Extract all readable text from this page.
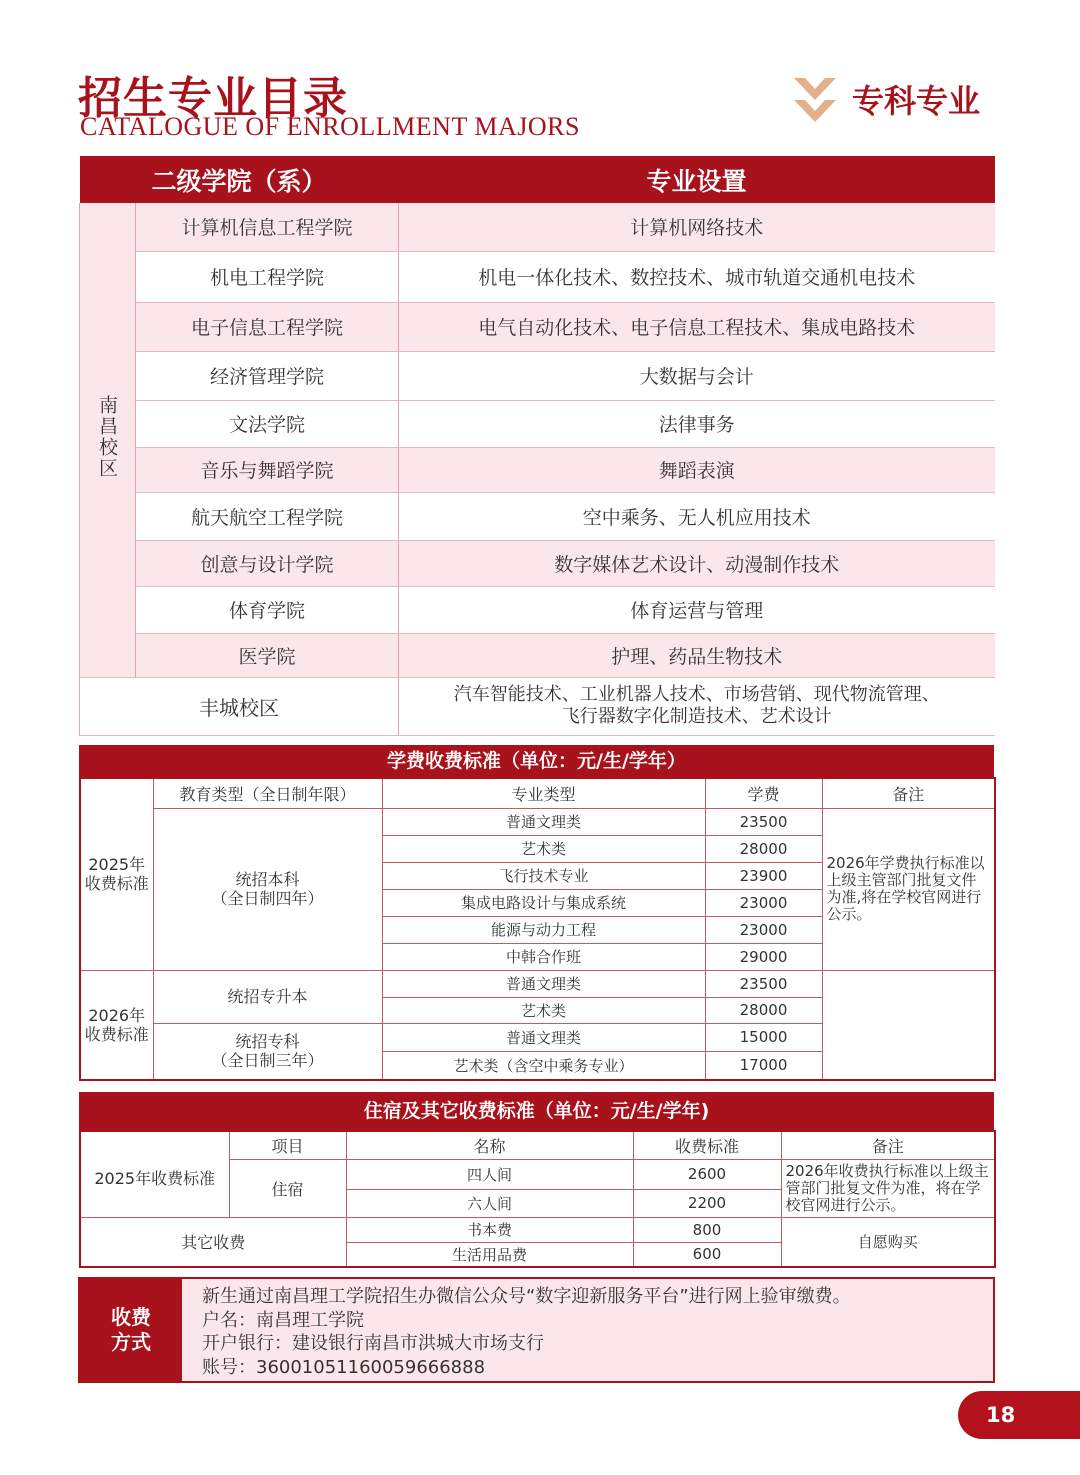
招生专业目录
CATALOGUE OF ENROLLMENT MAJORS
专科专业
二级学院（系）		专业设置
南昌校区	计算机信息工程学院	计算机网络技术
	机电工程学院	机电一体化技术、数控技术、城市轨道交通机电技术
	电子信息工程学院	电气自动化技术、电子信息工程技术、集成电路技术
	经济管理学院	大数据与会计
	文法学院	法律事务
	音乐与舞蹈学院	舞蹈表演
	航天航空工程学院	空中乘务、无人机应用技术
	创意与设计学院	数字媒体艺术设计、动漫制作技术
	体育学院	体育运营与管理
	医学院	护理、药品生物技术
丰城校区		汽车智能技术、工业机器人技术、市场营销、现代物流管理、
飞行器数字化制造技术、艺术设计
学费收费标准（单位：元/生/学年）
2025年
收费标准	教育类型（全日制年限）	专业类型	学费	备注

	统招本科
（全日制四年）	普通文理类	23500	2026年学费执行标准以上级主管部门批复文件为准,将在学校官网进行公示。
		艺术类	28000	
		飞行技术专业	23900	
		集成电路设计与集成系统	23000	
		能源与动力工程	23000	
		中韩合作班	29000	

2026年
收费标准	统招专升本	普通文理类	23500	
		艺术类	28000	

	统招专科
（全日制三年）	普通文理类	15000	
		艺术类（含空中乘务专业）	17000	
住宿及其它收费标准（单位：元/生/学年)
2025年收费标准	项目	名称	收费标准	备注
	住宿	四人间	2600	2026年收费执行标准以上级主管部门批复文件为准，将在学校官网进行公示。
		六人间	2200	
其它收费		书本费	800	自愿购买
		生活用品费	600	
收费
方式
新生通过南昌理工学院招生办微信公众号“数字迎新服务平台”进行网上验审缴费。
户名：南昌理工学院
开户银行：建设银行南昌市洪城大市场支行
账号：36001051160059666888
18
